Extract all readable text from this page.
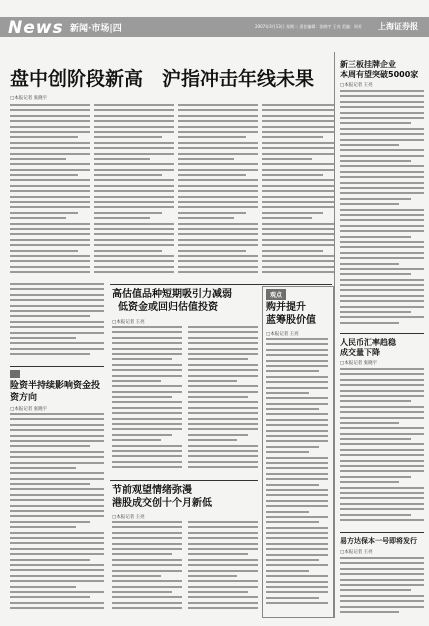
News 新闻·市场|四	2007年3月13日 星期二 责任编辑：张晓宇 王亮 美编：周芳 上海证券报
盘中创阶段新高　沪指冲击年线未果
□本报记者 张晓宇
高估值品种短期吸引力减弱
低资金或回归估值投资
□本报记者 王亮
观点
购并提升
蓝筹股价值
□本报记者 王亮

险资半持续影响资金投资方向
□本报记者 张晓宇
节前观望情绪弥漫
港股成交创十个月新低
□本报记者 王亮
新三板挂牌企业
本周有望突破5000家
□本报记者 王亮
人民币汇率趋稳
成交量下降
□本报记者 张晓宇
易方达保本一号即将发行
□本报记者 王亮
